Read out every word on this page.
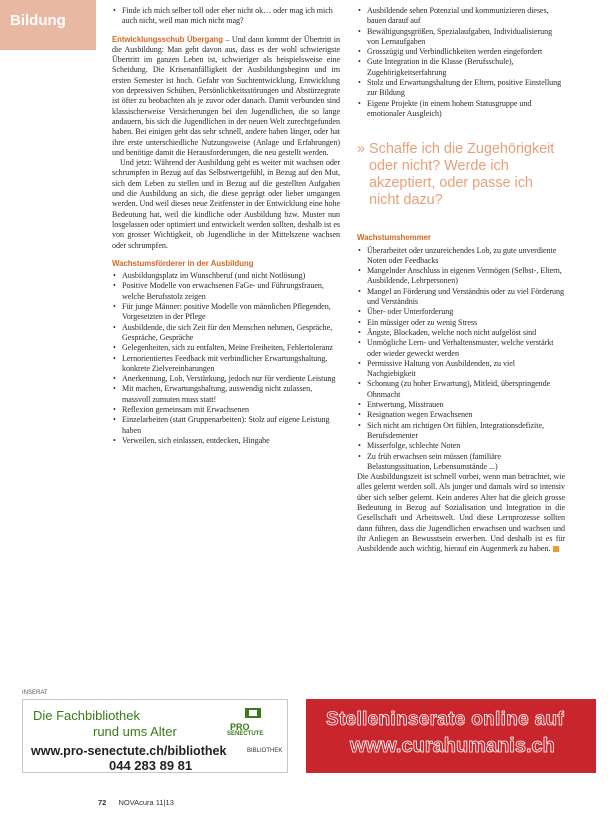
Bildung
• Finde ich mich selber toll oder eher nicht ok… oder mag ich mich auch nicht, weil man mich nicht mag?

Entwicklungsschub Übergang – Und dann kommt der Übertritt in die Ausbildung: Man geht davon aus, dass es der wohl schwierigste Übertritt im ganzen Leben ist, schwieriger als beispielsweise eine Scheidung. Die Krisenanfälligkeit der Ausbildungsbeginn und im ersten Semester ist hoch. Gefahr von Suchtentwicklung, Entwicklung von depressiven Schüben, Persönlichkeitsstörungen und Abstürzegrate ist öfter zu beobachten als je zuvor oder danach. Damit verbunden sind klassischerweise Versicherungen bei den Jugendlichen, die so lange andauern, bis sich die Jugendlichen in der neuen Welt zurechtgefunden haben. Bei einigen geht das sehr schnell, andere haben länger, oder hat ihre erste unterschiedliche Nutzungsweise (Anlage und Erfahrungen) und benötige damit die Herausforderungen, die neu gestellt werden.

Und jetzt: Während der Ausbildung geht es weiter mit wachsen oder schrumpfen in Bezug auf das Selbstwertgefühl, in Bezug auf den Mut, sich dem Leben zu stellen und in Bezug auf die gestellten Aufgaben und die Ausbildung an sich, die diese geprägt oder lieber umgangen werden. Und weil dieses neue Zeitfenster in der Entwicklung eine hohe Bedeutung hat, weil die kindliche oder Ausbildung bzw. Muster nun losgelassen oder optimiert und entwickelt werden sollten, deshalb ist es von grosser Wichtigkeit, ob Jugendliche in der Mittelszene wachsen oder schrumpfen.

Wachstumsförderer in der Ausbildung
• Ausbildungsplatz im Wunschberuf (und nicht Notlösung)
• Positive Modelle von erwachsenen FaGe- und Führungsfrauen, welche Berufsstolz zeigen
• Für junge Männer: positive Modelle von männlichen Pflegenden, Vorgesetzten in der Pflege
• Ausbildende, die sich Zeit für den Menschen nehmen, Gespräche, Gespräche, Gespräche
• Gelegenheiten, sich zu entfalten, Meine Freiheiten, Fehlertoleranz
• Lernorientiertes Feedback mit verbindlicher Erwartungshaltung, konkrete Zielvereinbarungen
• Anerkennung, Lob, Verstärkung, jedoch nur für verdiente Leistung
• Mit machen, Erwartungshaltung, auswendig nicht zulassen, massvoll zumuten muss statt!
• Reflexion gemeinsam mit Erwachsenen
• Einzelarbeiten (statt Gruppenarbeiten): Stolz auf eigene Leistung haben
• Verweilen, sich einlassen, entdecken, Hingabe
• Ausbildende sehen Potenzial und kommunizieren dieses, bauen darauf auf
• Bewältigungsgrößen, Spezialaufgaben, Individualisierung von Lernaufgaben
• Grosszügig und Verbindlichkeiten werden eingefordert
• Gute Integration in die Klasse (Berufsschule), Zugehörigkeitserfahrung
• Stolz und Erwartungshaltung der Eltern, positive Einstellung zur Bildung
• Eigene Projekte (in einem hohem Statusgruppe und emotionaler Ausgleich)
» Schaffe ich die Zugehörigkeit oder nicht? Werde ich akzeptiert, oder passe ich nicht dazu?
Wachstumshemmer
• Überarbeitet oder unzureichendes Lob, zu gute unverdiente Noten oder Feedbacks
• Mangelnder Anschluss in eigenen Vermögen (Selbst-, Eltern, Ausbildende, Lehrpersonen)
• Mangel an Förderung und Verständnis oder zu viel Förderung und Verständnis
• Über- oder Unterforderung
• Ein müssiger oder zu wenig Stress
• Ängste, Blockaden, welche noch nicht aufgelöst sind
• Unmögliche Lern- und Verhaltensmuster, welche verstärkt oder wieder geweckt werden
• Permissive Haltung von Ausbildenden, zu viel Nachgiebigkeit
• Schonung (zu hoher Erwartung), Mitleid, überspringende Ohnmacht
• Entwertung, Misstrauen
• Resignation wegen Erwachsenen
• Sich nicht am richtigen Ort fühlen, Integrationsdefizite, Berufsdementer
• Misserfolge, schlechte Noten
• Zu früh erwachsen sein müssen (familiäre Belastungssituation, Lebensumstände ...)

Die Ausbildungszeit ist schnell vorbei, wenn man betrachtet, wie alles gelernt werden soll. Als junger und damals wird so intensiv über sich selber gelernt. Kein anderes Alter hat die gleich grosse Bedeutung in Bezug auf Sozialisation und Integration in die Gesellschaft und Arbeitswelt. Und diese Lernprozesse sollten dann führen, dass die Jugendlichen erwachsen und wachsen und ihr Anliegen an Bewusstsein erwerben. Und deshalb ist es für Ausbildende auch wichtig, hierauf ein Augenmerk zu haben.

INSERAT
Die Fachbibliothek
rund ums Alter
www.pro-senectute.ch/bibliothek
044 283 89 81
PRO
SENECTUTE
BIBLIOTHEK
Stelleninserate online auf
www.curahumanis.ch
72 NOVAcura 11|13
